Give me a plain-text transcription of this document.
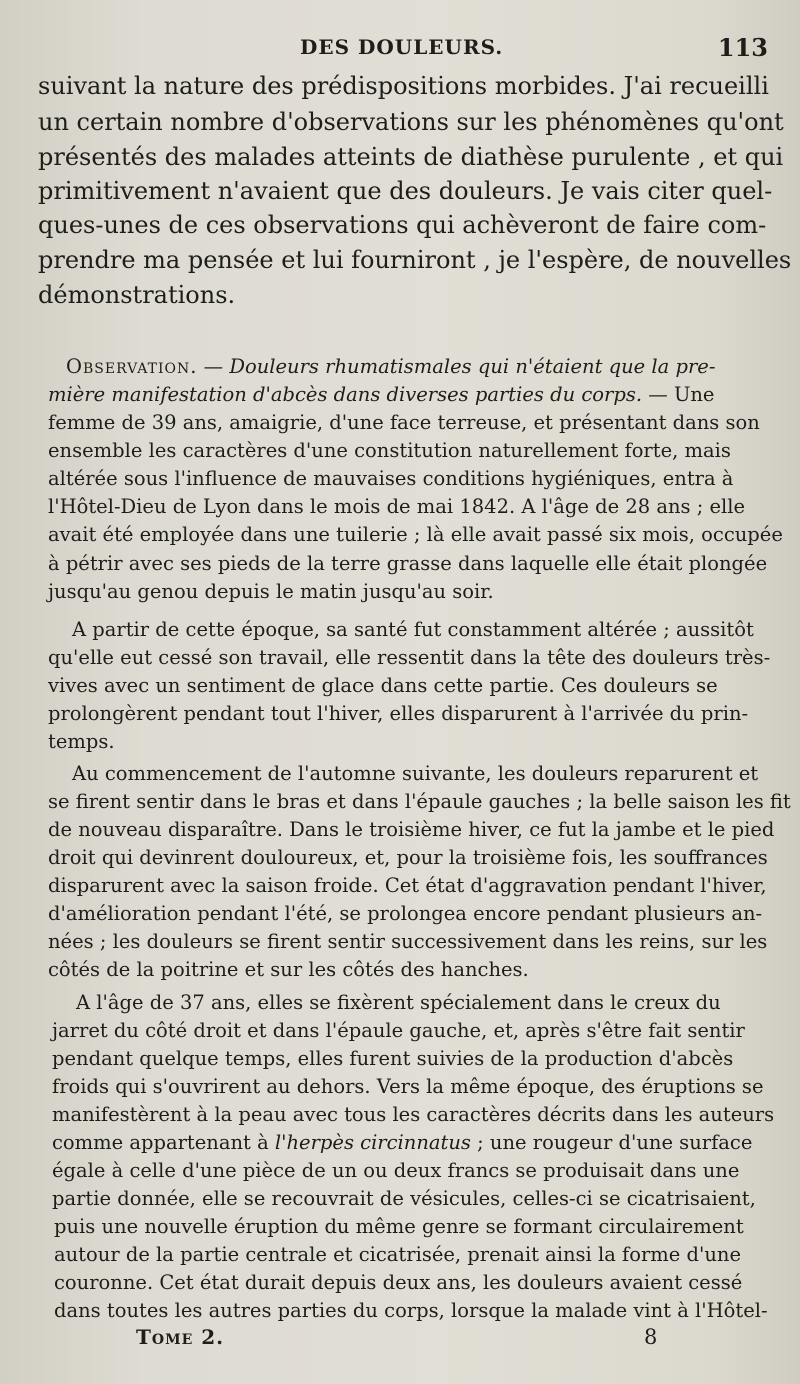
DES DOULEURS.	113
suivant la nature des prédispositions morbides. J'ai recueilli
un certain nombre d'observations sur les phénomènes qu'ont
présentés des malades atteints de diathèse purulente , et qui
primitivement n'avaient que des douleurs. Je vais citer quel-
ques-unes de ces observations qui achèveront de faire com-
prendre ma pensée et lui fourniront , je l'espère, de nouvelles
démonstrations.
Observation. — Douleurs rhumatismales qui n'étaient que la pre-
mière manifestation d'abcès dans diverses parties du corps. — Une
femme de 39 ans, amaigrie, d'une face terreuse, et présentant dans son
ensemble les caractères d'une constitution naturellement forte, mais
altérée sous l'influence de mauvaises conditions hygiéniques, entra à
l'Hôtel-Dieu de Lyon dans le mois de mai 1842. A l'âge de 28 ans ; elle
avait été employée dans une tuilerie ; là elle avait passé six mois, occupée
à pétrir avec ses pieds de la terre grasse dans laquelle elle était plongée
jusqu'au genou depuis le matin jusqu'au soir.
A partir de cette époque, sa santé fut constamment altérée ; aussitôt
qu'elle eut cessé son travail, elle ressentit dans la tête des douleurs très-
vives avec un sentiment de glace dans cette partie. Ces douleurs se
prolongèrent pendant tout l'hiver, elles disparurent à l'arrivée du prin-
temps.
Au commencement de l'automne suivante, les douleurs reparurent et
se firent sentir dans le bras et dans l'épaule gauches ; la belle saison les fit
de nouveau disparaître. Dans le troisième hiver, ce fut la jambe et le pied
droit qui devinrent douloureux, et, pour la troisième fois, les souffrances
disparurent avec la saison froide. Cet état d'aggravation pendant l'hiver,
d'amélioration pendant l'été, se prolongea encore pendant plusieurs an-
nées ; les douleurs se firent sentir successivement dans les reins, sur les
côtés de la poitrine et sur les côtés des hanches.
A l'âge de 37 ans, elles se fixèrent spécialement dans le creux du
jarret du côté droit et dans l'épaule gauche, et, après s'être fait sentir
pendant quelque temps, elles furent suivies de la production d'abcès
froids qui s'ouvrirent au dehors. Vers la même époque, des éruptions se
manifestèrent à la peau avec tous les caractères décrits dans les auteurs
comme appartenant à l'herpès circinnatus ; une rougeur d'une surface
égale à celle d'une pièce de un ou deux francs se produisait dans une
partie donnée, elle se recouvrait de vésicules, celles-ci se cicatrisaient,
puis une nouvelle éruption du même genre se formant circulairement
autour de la partie centrale et cicatrisée, prenait ainsi la forme d'une
couronne. Cet état durait depuis deux ans, les douleurs avaient cessé
dans toutes les autres parties du corps, lorsque la malade vint à l'Hôtel-
Tome 2.	8
